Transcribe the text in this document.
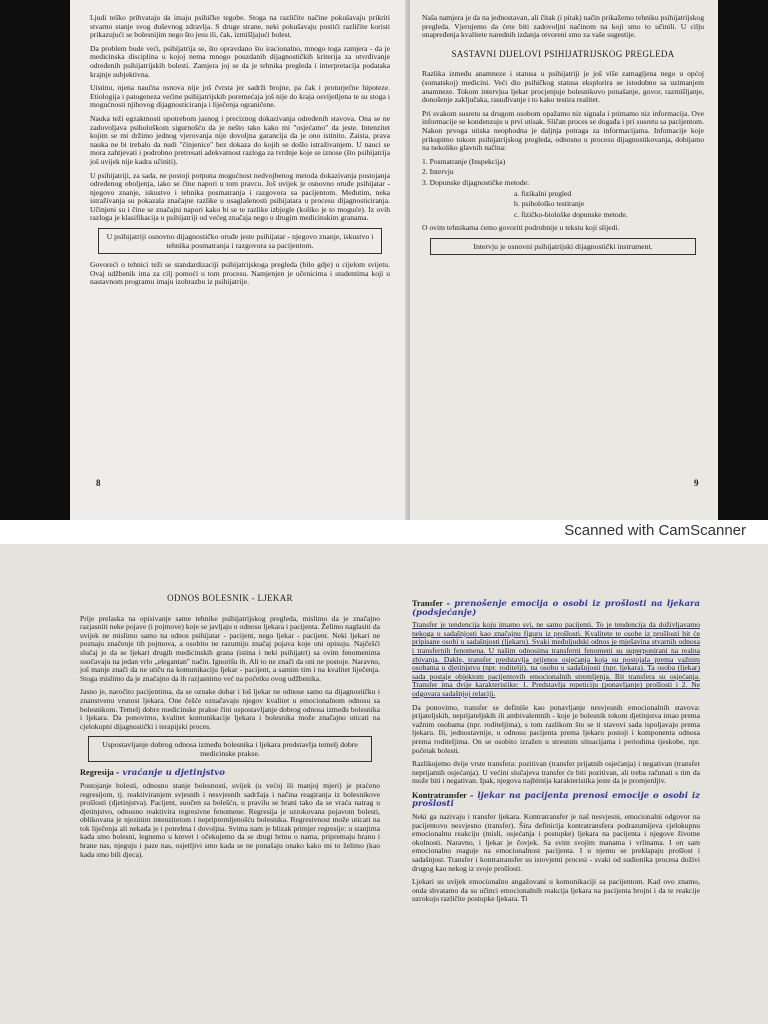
Ljudi teško prihvataju da imaju psihičke tegobe. Stoga na različite načine pokušavaju prikriti stvarno stanje svog duševnog zdravlja. S druge strane, neki pokušavaju postići različite koristi prikazujući se bolesnijim nego što jesu ili, čak, izmišljajući bolest.

Da problem bude veći, psihijatrija se, što opravdano što iracionalno, mnogo toga zamjera - da je medicinska disciplina u kojoj nema mnogo pouzdanih dijagnostičkih kriterija za utvrđivanje određenih psihijatrijskih bolesti. Zamjera joj se da je tehnika pregleda i interpretacija podataka krajnje subjektivna.

Uistinu, njena naučna osnova nije još čvrsta jer sadrži brojne, pa čak i proturječne hipoteze. Etiologija i patogeneza većine psihijatrijskih poremećaja još nije do kraja osvijetljena te su stoga i mogućnosti njihovog dijagnosticiranja i liječenja ograničene.

Nauka teži egzaktnosti upotrebom jasnog i preciznog dokazivanja određenih stavova. Ona se ne zadovoljava psihološkom sigurnošću da je nešto tako kako mi "osjećamo" da jeste. Intenzitet kojim se mi držimo jednog vjerovanja nije dovoljna garancija da je ono istinito. Zaista, prava nauka ne bi trebalo da nudi "činjenice" bez dokaza do kojih se došlo istraživanjem. U nauci se mora zahtjevati i podrobno pretresati adekvatnost razloga za tvrdnje koje se iznose (što psihijatrija još uvijek nije kadra učiniti).

U psihijatriji, za sada, ne postoji potpuna mogućnost nedvojbenog metoda dokazivanja postojanja određenog oboljenja, iako se čine napori u tom pravcu. Još uvijek je osnovno oruđe psihijatar - njegovo znanje, iskustvo i tehnika posmatranja i razgovora sa pacijentom. Međutim, neka istraživanja su pokazala značajne razlike u usaglašenosti psihijatara u procesu dijagnosticiranja. Učinjeni su i čine se značajni napori kako bi se te razlike izbjegle (koliko je to moguće). Iz ovih razloga je klasifikacija u psihijatriji od većeg značaja nego u drugim medicinskim granama.

U psihijatriji osnovno dijagnostičko oruđe jeste psihijatar - njegovo znanje, iskustvo i tehnika posmatranja i razgovora sa pacijentom.

Govoreći o tehnici teži se standardizaciji psihijatrijskoga pregleda (bilo gdje) u cijelom svijetu. Ovaj udžbenik ima za cilj pomoći u tom procesu. Namjenjen je učenicima i studentima koji u nastavnom programu imaju izobrazbu iz psihijatrije.

8

Naša namjera je da na jednostavan, ali čitak (i pitak) način prikažemo tehniku psihijatrijskog pregleda. Vjerujemo da ćete biti zadovoljni načinom na koji smo to učinili. U cilju unapređenja kvalitete narednih izdanja otvoreni smo za vaše sugestije.

SASTAVNI DIJELOVI PSIHIJATRIJSKOG PREGLEDA

Razlika između anamneze i statusa u psihijatriji je još više zamagljena nego u općoj (somatskoj) medicini. Veći dio psihičkog statusa eksplorira se istodobno sa uzimanjem anamneze. Tokom intervjua ljekar procjenjuje bolesnikovo ponašanje, govor, razmišljanje, donošenje zaključaka, rasuđivanje i to kako testira realitet.

Pri svakom susretu sa drugom osobom opažamo niz signala i primamo niz informacija. Ove informacije se kondenzuju u prvi utisak. Sličan proces se događa i pri susretu sa pacijentom. Nakon prvoga utiska neophodna je daljnja potraga za informacijama. Infomacije koje prikupimo tokom psihijatrijskog pregleda, odnosno u procesu dijagnostikovanja, dobijamo na nekoliko glavnih načina:

1. Posmatranje (Inspekcija)
2. Intervju
3. Dopunske dijagnostičke metode:
a. fizikalni pregled
b. psihološko testiranje
c. fizičko-biološke dopunske metode.

O ovim tehnikama ćemo govoriti podrobnije u tekstu koji slijedi.

Intervju je osnovni psihijatrijski dijagnostički instrument.
9
Scanned with CamScanner
ODNOS BOLESNIK - LJEKAR

Prije prelaska na opisivanje same tehnike psihijatrijskog pregleda, mislimo da je značajno razjasniti neke pojave (i pojmove) koje se javljaju u odnosu ljekara i pacijenta. Želimo naglasiti da uvijek ne mislimo samo na odnos psihijatar - pacijent, nego ljekar - pacijent. Neki ljekari ne poznaju značenje tih pojmova, a osobito ne razumiju značaj pojava koje oni opisuju. Najčešći slučaj je da se ljekari drugih medicinskih grana (istina i neki psihijatri) sa ovim fenomenima suočavaju na jedan vrlo „elegantan" način. Ignorišu ih. Ali to ne znači da oni ne postoje. Naravno, još manje znači da ne utiču na komunikaciju ljekar - pacijent, a samim tim i na kvalitet liječenja. Stoga mislimo da je značajno da ih razjasnimo već na početku ovog udžbenika.

Jasno je, naročito pacijentima, da se oznake dobar i loš ljekar ne odnose samo na dijagnostičku i znanstvenu vrsnost ljekara. One češće označavaju njegov kvalitet u emocionalnom odnosu sa bolesnikom. Temelj dobre medicinske prakse čini uspostavljanje dobrog odnosa između bolesnika i ljekara. Da ponovimo, kvalitet komunikacije ljekara i bolesnika može značajno uticati na cjelokupni dijagnostički i terapijski proces.

Uspostavljanje dobrog odnosa između bolesnika i ljekara predstavlja temelj dobre medicinske prakse.
Regresija - vraćanje u djetinjstvo

Postojanje bolesti, odnosno stanje bolesnosti, uvijek (u većoj ili manjoj mjeri) je praćeno regresijom, tj. reaktiviranjem svjesnih i nesvjesnih sadržaja i načina reagiranja iz bolesnikove prošlosti (djetinjstva). Pacijent, suočen sa bolešću, u pravilu se brani tako da se vraća natrag u djetinjstvo, odnosno reaktivira regresivne fenomene. Regresija je uzrokovana pojavom bolesti, oblikovana je njezinim intenzitetom i nepripremljenošću bolesnika. Regresivnost može uticati na tok liječenja ali nekada je i potrebna i dovoljna. Svima nam je blizak primjer regresije: u stanjima kada smo bolesni, legnemo u krevet i očekujemo da se drugi brinu o nama, pripremaju hranu i hrane nas, njeguju i paze nas, osjetljivi smo kada se ne ponašaju onako kako mi to želimo (kao kada smo bili djeca).

Transfer - prenošenje emocija o osobi iz prošlosti na ljekara (podsjećanje)

Transfer je tendencija koju imamo svi, ne samo pacijenti. To je tendencija da doživljavamo nekoga u sadašnjosti kao značajnu figuru iz prošlosti. Kvalitete te osobe iz prošlosti bit će pripisane osobi u sadašnjosti (ljekaru). Svaki međuljudski odnos je mješavina stvarnih odnosa i transfernih fenomena. U našim odnosima transferni fenomeni su superponirani na realna zbivanja. Dakle, transfer predstavlja prijenos osjećanja koja su postojala prema važnim osobama u djetinjstvu (npr. roditelji), na osobu u sadašnjosti (npr. ljekara). Ta osoba (ljekar) sada postaje objektom pacijentovih emocionalnih stremljenja. Bit transfera su osjećanja. Transfer ima dvije karakteristike: 1. Predstavlja repeticiju (ponavljanje) prošlosti i 2. Ne odgovara sadašnjoj relaciji.

Da ponovimo, transfer se definiše kao ponavljanje nesvjesnih emocionalnih stavova: prijateljskih, neprijateljskih ili ambivalentnih - koje je bolesnik tokom djetinjstva imao prema važnim osobama (npr. roditeljima), s tom razlikom što se ti stavovi sada ispoljavaju prema ljekaru. Ili, jednostavnije, u odnosu pacijenta prema ljekaru postoji i komponenta odnosa prema roditeljima. On se osobito izražen u stresnim situacijama i periodima tjeskobe, npr. početak bolesti.

Razlikujemo dvije vrste transfera: pozitivan (transfer prijatnih osjećanja) i negativan (transfer neprijatnih osjećanja). U većini slučajeva transfer će biti pozitivan, ali treba računati s tim da može biti i negativan. Ipak, njegova najbitnija karakteristika jeste da je promjenljiv.

Kontratransfer - ljekar na pacijenta prenosi emocije o osobi iz prošlosti

Neki ga nazivaju i transfer ljekara. Kontratransfer je naš nesvjesni, emocionalni odgovor na pacijentovo nesvjesno (transfer). Šira definicija kontratransfera podrazumijeva cjelokupnu emocionalnu reakciju (misli, osjećanja i postupke) ljekara na pacijenta i njegove životne okolnosti. Naravno, i ljekar je čovjek. Sa svim svojim manama i vrlinama. I on sam emocionalno reaguje na emocionalnost pacijenta. I u njemu se preklapaju prošlost i sadašnjost. Transfer i kontratransfer su istovjetni procesi - svaki od sudionika procesa doživi drugog kao nekog iz svoje prošlosti.

Ljekari su uvijek emocionalno angažovani u komunikaciji sa pacijentom. Kad ovo znamo, onda shvatamo da su učinci emocionalnih reakcija ljekara na pacijenta brojni i da te reakcije uzrokuju različite postupke ljekara. Ti
